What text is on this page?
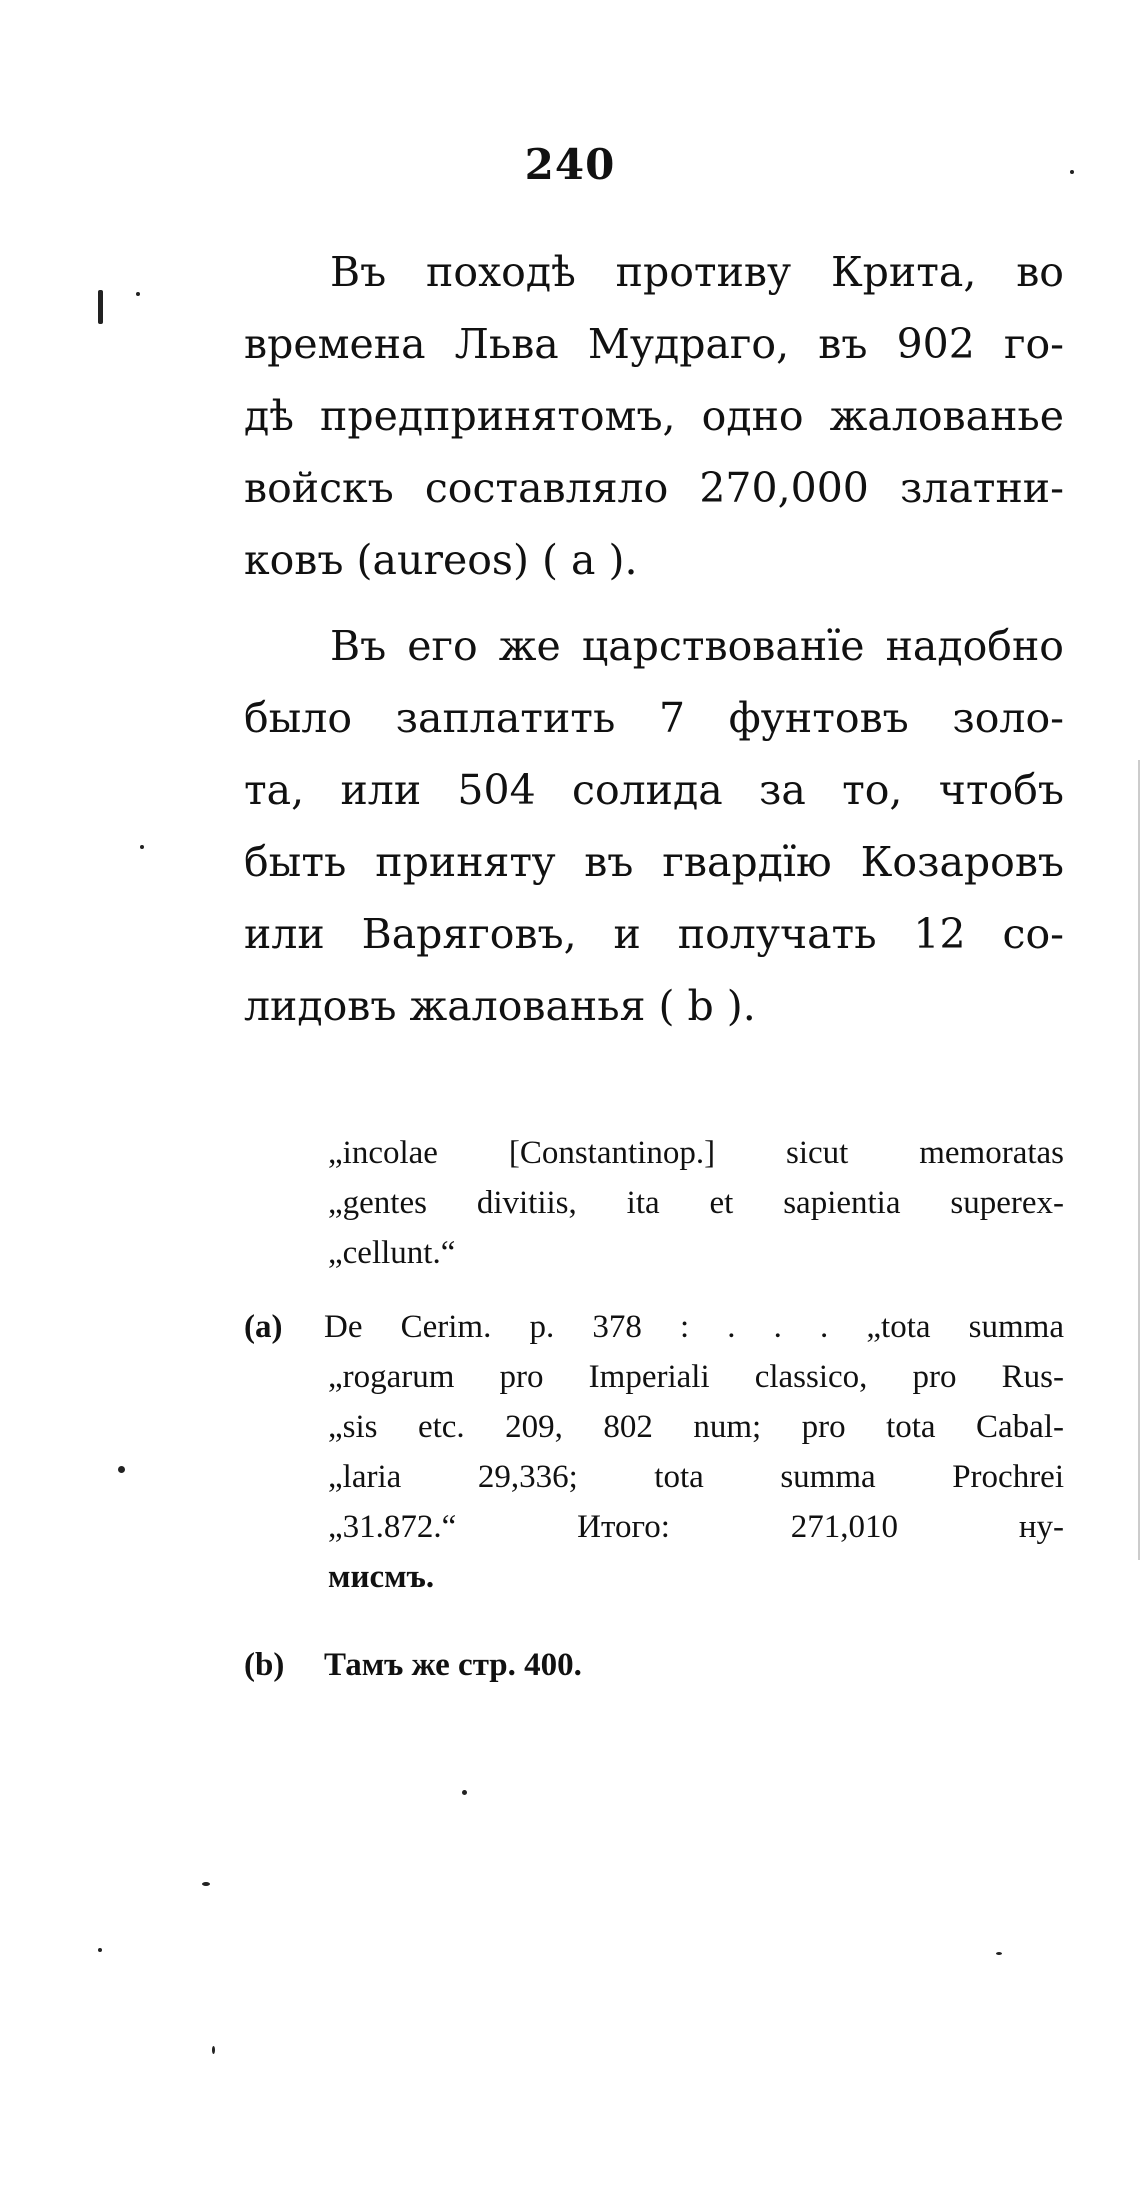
240
Въ походѣ противу Крита, во
времена Льва Мудраго, въ 902 го-
дѣ предпринятомъ, одно жалованье
войскъ составляло 270,000 златни-
ковъ (aureos) ( a ).
Въ его же царствованїе надобно
было заплатить 7 фунтовъ золо-
та, или 504 солида за то, чтобъ
быть принятy въ гвардїю Козаровъ
или Варяговъ, и получать 12 со-
лидовъ жалованья ( b ).
„incolae [Constantinop.] sicut memoratas
„gentes divitiis, ita et sapientia superex-
„cellunt.“
(a) De Cerim. p. 378 : . . . „tota summa
„rogarum pro Imperiali classico, pro Rus-
„sis etc. 209, 802 num; pro tota Cabal-
„laria 29,336; tota summa Prochrei
„31.872.“ Итого: 271,010 ну-
мисмъ.
(b) Тамъ же стр. 400.
